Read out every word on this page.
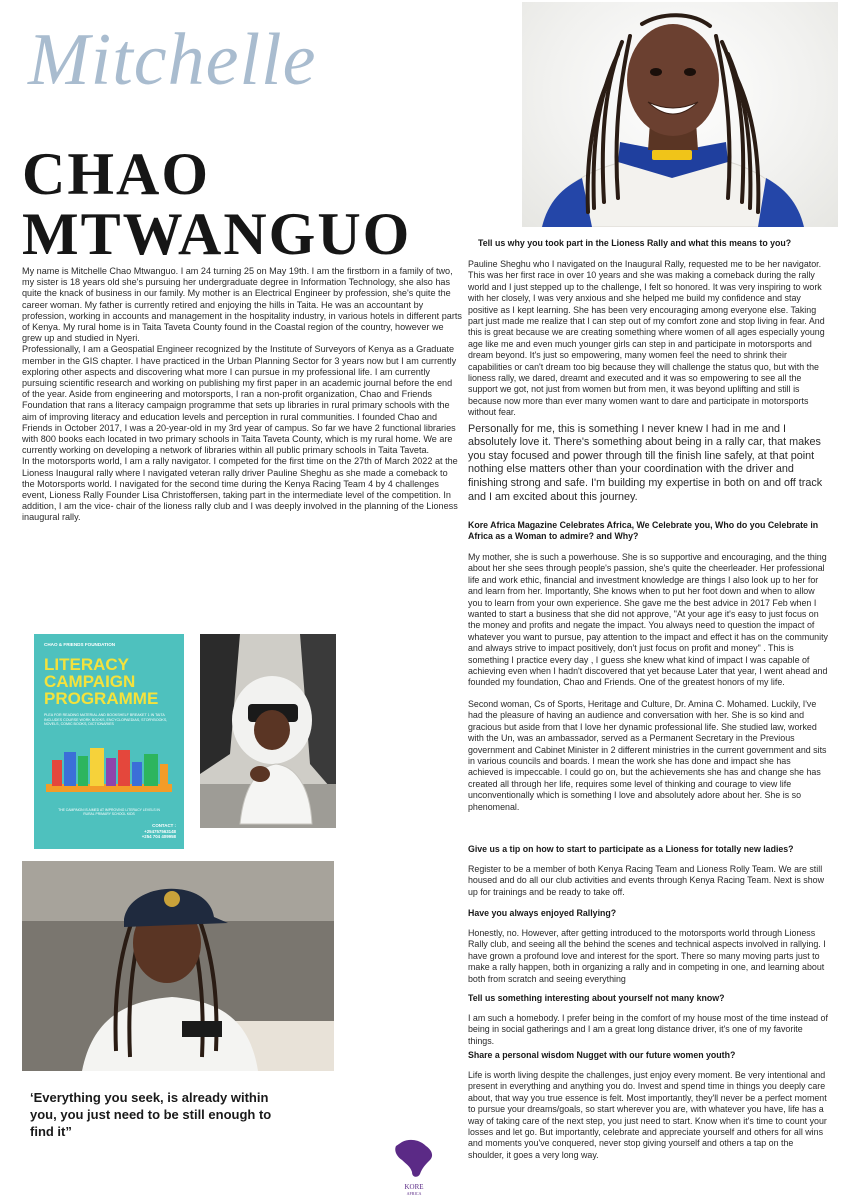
Mitchelle
CHAO
MTWANGUO

My name is Mitchelle Chao Mtwanguo. I am 24 turning 25 on May 19th. I am the firstborn in a family of two, my sister is 18 years old she's pursuing her undergraduate degree in Information Technology, she also has quite the knack of business in our family. My mother is an Electrical Engineer by profession, she's quite the career woman. My father is currently retired and enjoying the hills in Taita. He was an accountant by profession, working in accounts and management in the hospitality industry, in various hotels in different parts of Kenya. My rural home is in Taita Taveta County found in the Coastal region of the country, however we grew up and studied in Nyeri.

Professionally, I am a Geospatial Engineer recognized by the Institute of Surveyors of Kenya as a Graduate member in the GIS chapter. I have practiced in the Urban Planning Sector for 3 years now but I am currently exploring other aspects and discovering what more I can pursue in my professional life. I am currently pursuing scientific research and working on publishing my first paper in an academic journal before the end of the year. Aside from engineering and motorsports, I ran a non-profit organization, Chao and Friends Foundation that rans a literacy campaign programme that sets up libraries in rural primary schools with the aim of improving literacy and education levels and perception in rural communities. I founded Chao and Friends in October 2017, I was a 20-year-old in my 3rd year of campus. So far we have 2 functional libraries with 800 books each located in two primary schools in Taita Taveta County, which is my rural home. We are currently working on developing a network of libraries within all public primary schools in Taita Taveta.

In the motorsports world, I am a rally navigator. I competed for the first time on the 27th of March 2022 at the Lioness Inaugural rally where I navigated veteran rally driver Pauline Sheghu as she made a comeback to the Motorsports world. I navigated for the second time during the Kenya Racing Team 4 by 4 challenges event, Lioness Rally Founder Lisa Christoffersen, taking part in the intermediate level of the competition. In addition, I am the vice- chair of the lioness rally club and I was deeply involved in the planning of the Lioness inaugural rally.

CHAO & FRIENDS FOUNDATION
LITERACY
CAMPAIGN
PROGRAMME
PLEA FOR READING MATERIAL AND BOOKSHELF BREAKET 1 IN TAITA INCLUDES COURSE WORK BOOKS, ENCYCLOPAEDIAS, STORYBOOKS, NOVELS, COMIC BOOKS, DICTIONARIES
THE CAMPAIGN IS AIMED AT IMPROVING LITERACY LEVELS IN RURAL PRIMARY SCHOOL KIDS
CONTACT :
+254757563148
+254 704 409958
‘Everything you seek, is already within you, you just need to be still enough to find it”
Tell us why you took part in the Lioness Rally and what this means to you?

Pauline Sheghu who I navigated on the Inaugural Rally, requested me to be her navigator. This was her first race in over 10 years and she was making a comeback during the rally world and I just stepped up to the challenge, I felt so honored. It was very inspiring to work with her closely, I was very anxious and she helped me build my confidence and stay positive as I kept learning. She has been very encouraging among everyone else. Taking part just made me realize that I can step out of my comfort zone and stop living in fear. And this is great because we are creating something where women of all ages especially young age like me and even much younger girls can step in and participate in motorsports and dream beyond. It's just so empowering, many women feel the need to shrink their capabilities or can't dream too big because they will challenge the status quo, but with the lioness rally, we dared, dreamt and executed and it was so empowering to see all the support we got, not just from women but from men, it was beyond uplifting and still is because now more than ever many women want to dare and participate in motorsports without fear.

Personally for me, this is something I never knew I had in me and I absolutely love it. There's something about being in a rally car, that makes you stay focused and power through till the finish line safely, at that point nothing else matters other than your coordination with the driver and finishing strong and safe. I'm building my expertise in both on and off track and I am excited about this journey.

Kore Africa Magazine Celebrates Africa, We Celebrate you, Who do you Celebrate in Africa as a Woman to admire? and Why?

My mother, she is such a powerhouse. She is so supportive and encouraging, and the thing about her she sees through people's passion, she's quite the cheerleader. Her professional life and work ethic, financial and investment knowledge are things I also look up to her for and learn from her. Importantly, She knows when to put her foot down and when to allow you to learn from your own experience. She gave me the best advice in 2017 Feb when I wanted to start a business that she did not approve, "At your age it's easy to just focus on the money and profits and negate the impact. You always need to question the impact of whatever you want to pursue, pay attention to the impact and effect it has on the community and always strive to impact positively, don't just focus on profit and money" . This is something I practice every day , I guess she knew what kind of impact I was capable of achieving even when I hadn't discovered that yet because Later that year, I went ahead and founded my foundation, Chao and Friends. One of the greatest honors of my life.

Second woman, Cs of Sports, Heritage and Culture, Dr. Amina C. Mohamed. Luckily, I've had the pleasure of having an audience and conversation with her. She is so kind and gracious but aside from that I love her dynamic professional life. She studied law, worked with the Un, was an ambassador, served as a Permanent Secretary in the Previous government and Cabinet Minister in 2 different ministries in the current government and sits in various councils and boards. I mean the work she has done and impact she has achieved is impeccable. I could go on, but the achievements she has and change she has created all through her life, requires some level of thinking and courage to view life unconventionally which is something I love and absolutely adore about her. She is so phenomenal.

Give us a tip on how to start to participate as a Lioness for totally new ladies?

Register to be a member of both Kenya Racing Team and Lioness Rolly Team. We are still housed and do all our club activities and events through Kenya Racing Team. Next is show up for trainings and be ready to take off.

Have you always enjoyed Rallying?

Honestly, no. However, after getting introduced to the motorsports world through Lioness Rally club, and seeing all the behind the scenes and technical aspects involved in rallying. I have grown a profound love and interest for the sport. There so many moving parts just to make a rally happen, both in organizing a rally and in competing in one, and learning about both from scratch and seeing everything

Tell us something interesting about yourself not many know?

I am such a homebody. I prefer being in the comfort of my house most of the time instead of being in social gatherings and I am a great long distance driver, it's one of my favorite things.

Share a personal wisdom Nugget with our future women youth?

Life is worth living despite the challenges, just enjoy every moment. Be very intentional and present in everything and anything you do. Invest and spend time in things you deeply care about, that way you true essence is felt. Most importantly, they'll never be a perfect moment to pursue your dreams/goals, so start wherever you are, with whatever you have, life has a way of taking care of the next step, you just need to start. Know when it's time to count your losses and let go. But importantly, celebrate and appreciate yourself and others for all wins and moments you've conquered, never stop giving yourself and others a tap on the shoulder, it goes a very long way.

KORE
AFRICA
